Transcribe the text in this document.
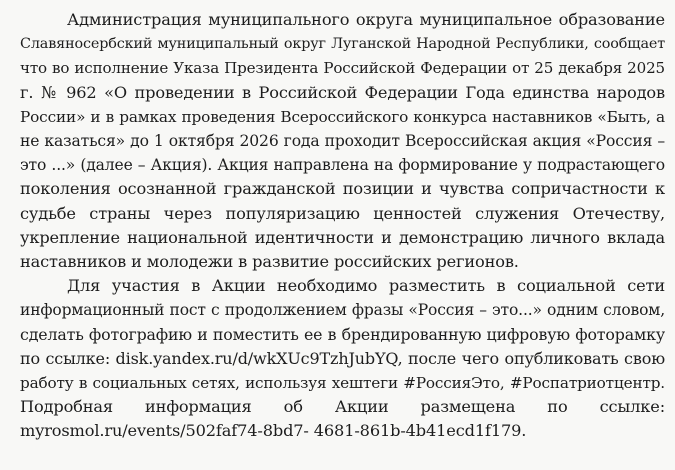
Администрация муниципального округа муниципальное образование
Славяносербский муниципальный округ Луганской Народной Республики, сообщает
что во исполнение Указа Президента Российской Федерации от 25 декабря 2025
г. № 962 «О проведении в Российской Федерации Года единства народов
России» и в рамках проведения Всероссийского конкурса наставников «Быть, а
не казаться» до 1 октября 2026 года проходит Всероссийская акция «Россия –
это ...» (далее – Акция). Акция направлена на формирование у подрастающего
поколения осознанной гражданской позиции и чувства сопричастности к
судьбе страны через популяризацию ценностей служения Отечеству,
укрепление национальной идентичности и демонстрацию личного вклада
наставников и молодежи в развитие российских регионов.

Для участия в Акции необходимо разместить в социальной сети
информационный пост с продолжением фразы «Россия – это...» одним словом,
сделать фотографию и поместить ее в брендированную цифровую фоторамку
по ссылке: disk.yandex.ru/d/wkXUc9TzhJubYQ, после чего опубликовать свою
работу в социальных сетях, используя хештеги #РоссияЭто, #Роспатриотцентр.
Подробная информация об Акции размещена по ссылке:
myrosmol.ru/events/502faf74-8bd7- 4681-861b-4b41ecd1f179.
